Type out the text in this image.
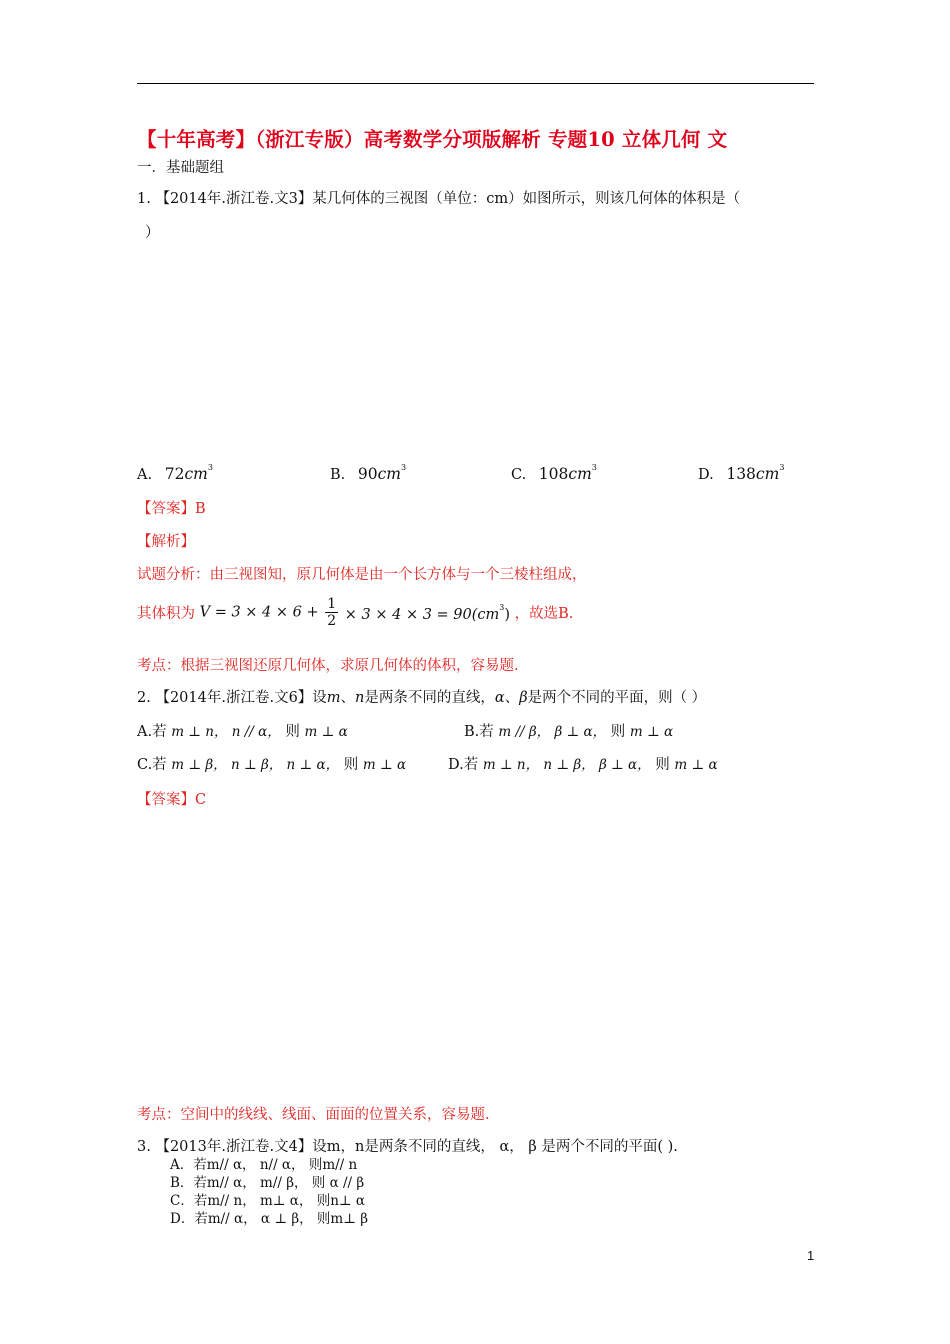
【十年高考】（浙江专版）高考数学分项版解析 专题10 立体几何 文
一．基础题组
1. 【2014年.浙江卷.文3】某几何体的三视图（单位：cm）如图所示，则该几何体的体积是（
）
A. $72cm^3$	B. $90cm^3$	C. $108cm^3$	D. $138cm^3$
【答案】B
【解析】
试题分析：由三视图知，原几何体是由一个长方体与一个三棱柱组成，
其体积为 $V = 3 \times 4 \times 6 + \frac{1}{2} \times 3 \times 4 \times 3 = 90(cm^3)$ ，故选B.
考点：根据三视图还原几何体，求原几何体的体积，容易题.
2. 【2014年.浙江卷.文6】设m、n是两条不同的直线，α、β是两个不同的平面，则（ ）
A.若 m ⊥ n， n // α， 则 m ⊥ α	B.若 m // β， β ⊥ α， 则 m ⊥ α
C.若 m ⊥ β， n ⊥ β， n ⊥ α， 则 m ⊥ α	D.若 m ⊥ n， n ⊥ β， β ⊥ α， 则 m ⊥ α
【答案】C
考点：空间中的线线、线面、面面的位置关系，容易题.
3. 【2013年.浙江卷.文4】设m，n是两条不同的直线， α， β 是两个不同的平面( ).
A．若m// α， n// α， 则m// n
B．若m// α， m// β， 则 α // β
C．若m// n， m⊥ α， 则n⊥ α
D．若m// α， α ⊥ β， 则m⊥ β
1
